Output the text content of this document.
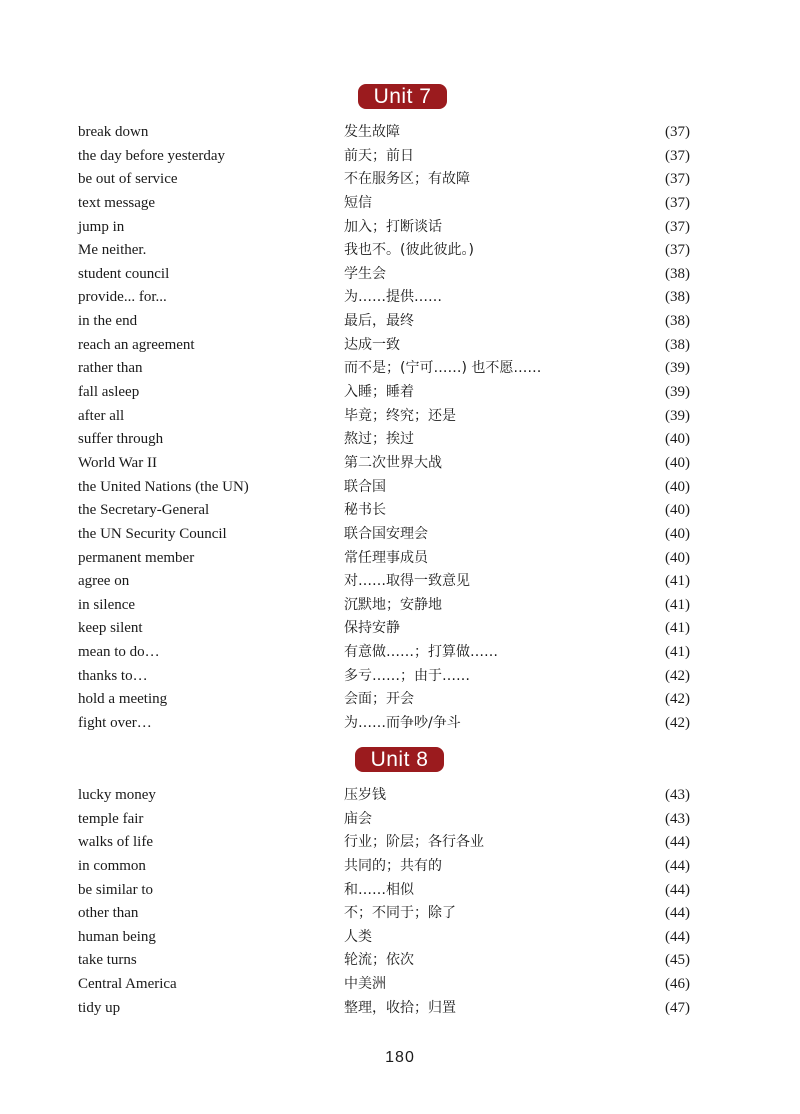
Unit 7
break down	发生故障	(37)
the day before yesterday	前天；前日	(37)
be out of service	不在服务区；有故障	(37)
text message	短信	(37)
jump in	加入；打断谈话	(37)
Me neither.	我也不。(彼此彼此。)	(37)
student council	学生会	(38)
provide... for...	为……提供……	(38)
in the end	最后，最终	(38)
reach an agreement	达成一致	(38)
rather than	而不是；(宁可……) 也不愿……	(39)
fall asleep	入睡；睡着	(39)
after all	毕竟；终究；还是	(39)
suffer through	熬过；挨过	(40)
World War II	第二次世界大战	(40)
the United Nations (the UN)	联合国	(40)
the Secretary-General	秘书长	(40)
the UN Security Council	联合国安理会	(40)
permanent member	常任理事成员	(40)
agree on	对……取得一致意见	(41)
in silence	沉默地；安静地	(41)
keep silent	保持安静	(41)
mean to do…	有意做……；打算做……	(41)
thanks to…	多亏……；由于……	(42)
hold a meeting	会面；开会	(42)
fight over…	为……而争吵/争斗	(42)
Unit 8
lucky money	压岁钱	(43)
temple fair	庙会	(43)
walks of life	行业；阶层；各行各业	(44)
in common	共同的；共有的	(44)
be similar to	和……相似	(44)
other than	不；不同于；除了	(44)
human being	人类	(44)
take turns	轮流；依次	(45)
Central America	中美洲	(46)
tidy up	整理，收拾；归置	(47)
180
